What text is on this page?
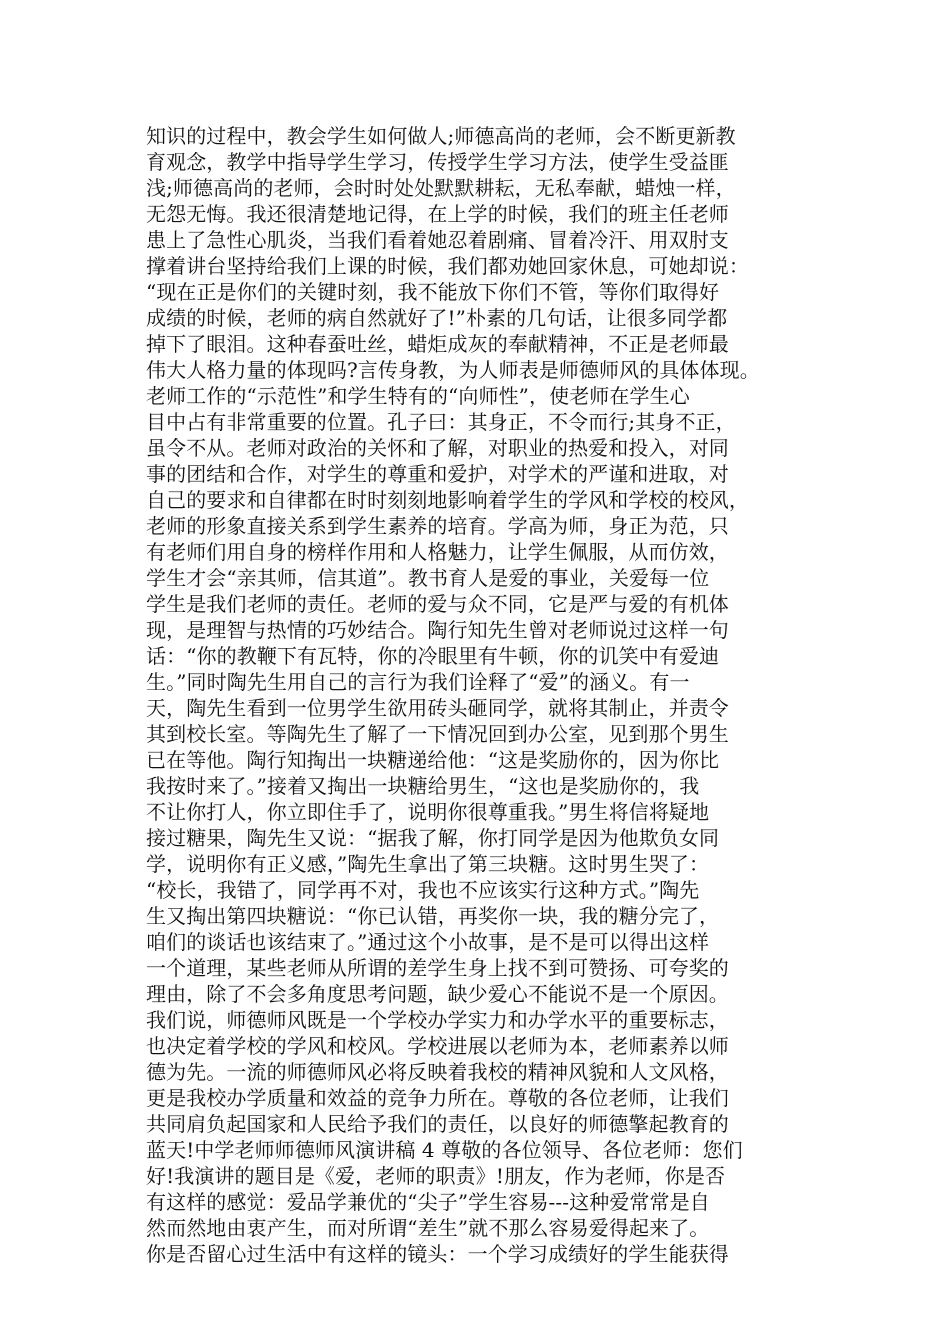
知识的过程中，教会学生如何做人;师德高尚的老师，会不断更新教
育观念，教学中指导学生学习，传授学生学习方法，使学生受益匪
浅;师德高尚的老师，会时时处处默默耕耘，无私奉献，蜡烛一样，
无怨无悔。我还很清楚地记得，在上学的时候，我们的班主任老师
患上了急性心肌炎，当我们看着她忍着剧痛、冒着冷汗、用双肘支
撑着讲台坚持给我们上课的时候，我们都劝她回家休息，可她却说：
“现在正是你们的关键时刻，我不能放下你们不管，等你们取得好
成绩的时候，老师的病自然就好了!”朴素的几句话，让很多同学都
掉下了眼泪。这种春蚕吐丝，蜡炬成灰的奉献精神，不正是老师最
伟大人格力量的体现吗?言传身教，为人师表是师德师风的具体体现。
老师工作的“示范性”和学生特有的“向师性”，使老师在学生心
目中占有非常重要的位置。孔子曰：其身正，不令而行;其身不正，
虽令不从。老师对政治的关怀和了解，对职业的热爱和投入，对同
事的团结和合作，对学生的尊重和爱护，对学术的严谨和进取，对
自己的要求和自律都在时时刻刻地影响着学生的学风和学校的校风，
老师的形象直接关系到学生素养的培育。学高为师，身正为范，只
有老师们用自身的榜样作用和人格魅力，让学生佩服，从而仿效，
学生才会“亲其师，信其道”。教书育人是爱的事业，关爱每一位
学生是我们老师的责任。老师的爱与众不同，它是严与爱的有机体
现，是理智与热情的巧妙结合。陶行知先生曾对老师说过这样一句
话：“你的教鞭下有瓦特，你的冷眼里有牛顿，你的讥笑中有爱迪
生。”同时陶先生用自己的言行为我们诠释了“爱”的涵义。有一
天，陶先生看到一位男学生欲用砖头砸同学，就将其制止，并责令
其到校长室。等陶先生了解了一下情况回到办公室，见到那个男生
已在等他。陶行知掏出一块糖递给他：“这是奖励你的，因为你比
我按时来了。”接着又掏出一块糖给男生，“这也是奖励你的，我
不让你打人，你立即住手了，说明你很尊重我。”男生将信将疑地
接过糖果，陶先生又说：“据我了解，你打同学是因为他欺负女同
学，说明你有正义感，”陶先生拿出了第三块糖。这时男生哭了：
“校长，我错了，同学再不对，我也不应该实行这种方式。”陶先
生又掏出第四块糖说：“你已认错，再奖你一块，我的糖分完了，
咱们的谈话也该结束了。”通过这个小故事，是不是可以得出这样
一个道理，某些老师从所谓的差学生身上找不到可赞扬、可夸奖的
理由，除了不会多角度思考问题，缺少爱心不能说不是一个原因。
我们说，师德师风既是一个学校办学实力和办学水平的重要标志，
也决定着学校的学风和校风。学校进展以老师为本，老师素养以师
德为先。一流的师德师风必将反映着我校的精神风貌和人文风格，
更是我校办学质量和效益的竞争力所在。尊敬的各位老师，让我们
共同肩负起国家和人民给予我们的责任，以良好的师德擎起教育的
蓝天!中学老师师德师风演讲稿 4 尊敬的各位领导、各位老师：您们
好!我演讲的题目是《爱，老师的职责》!朋友，作为老师，你是否
有这样的感觉：爱品学兼优的“尖子”学生容易---这种爱常常是自
然而然地由衷产生，而对所谓“差生”就不那么容易爱得起来了。
你是否留心过生活中有这样的镜头：一个学习成绩好的学生能获得
